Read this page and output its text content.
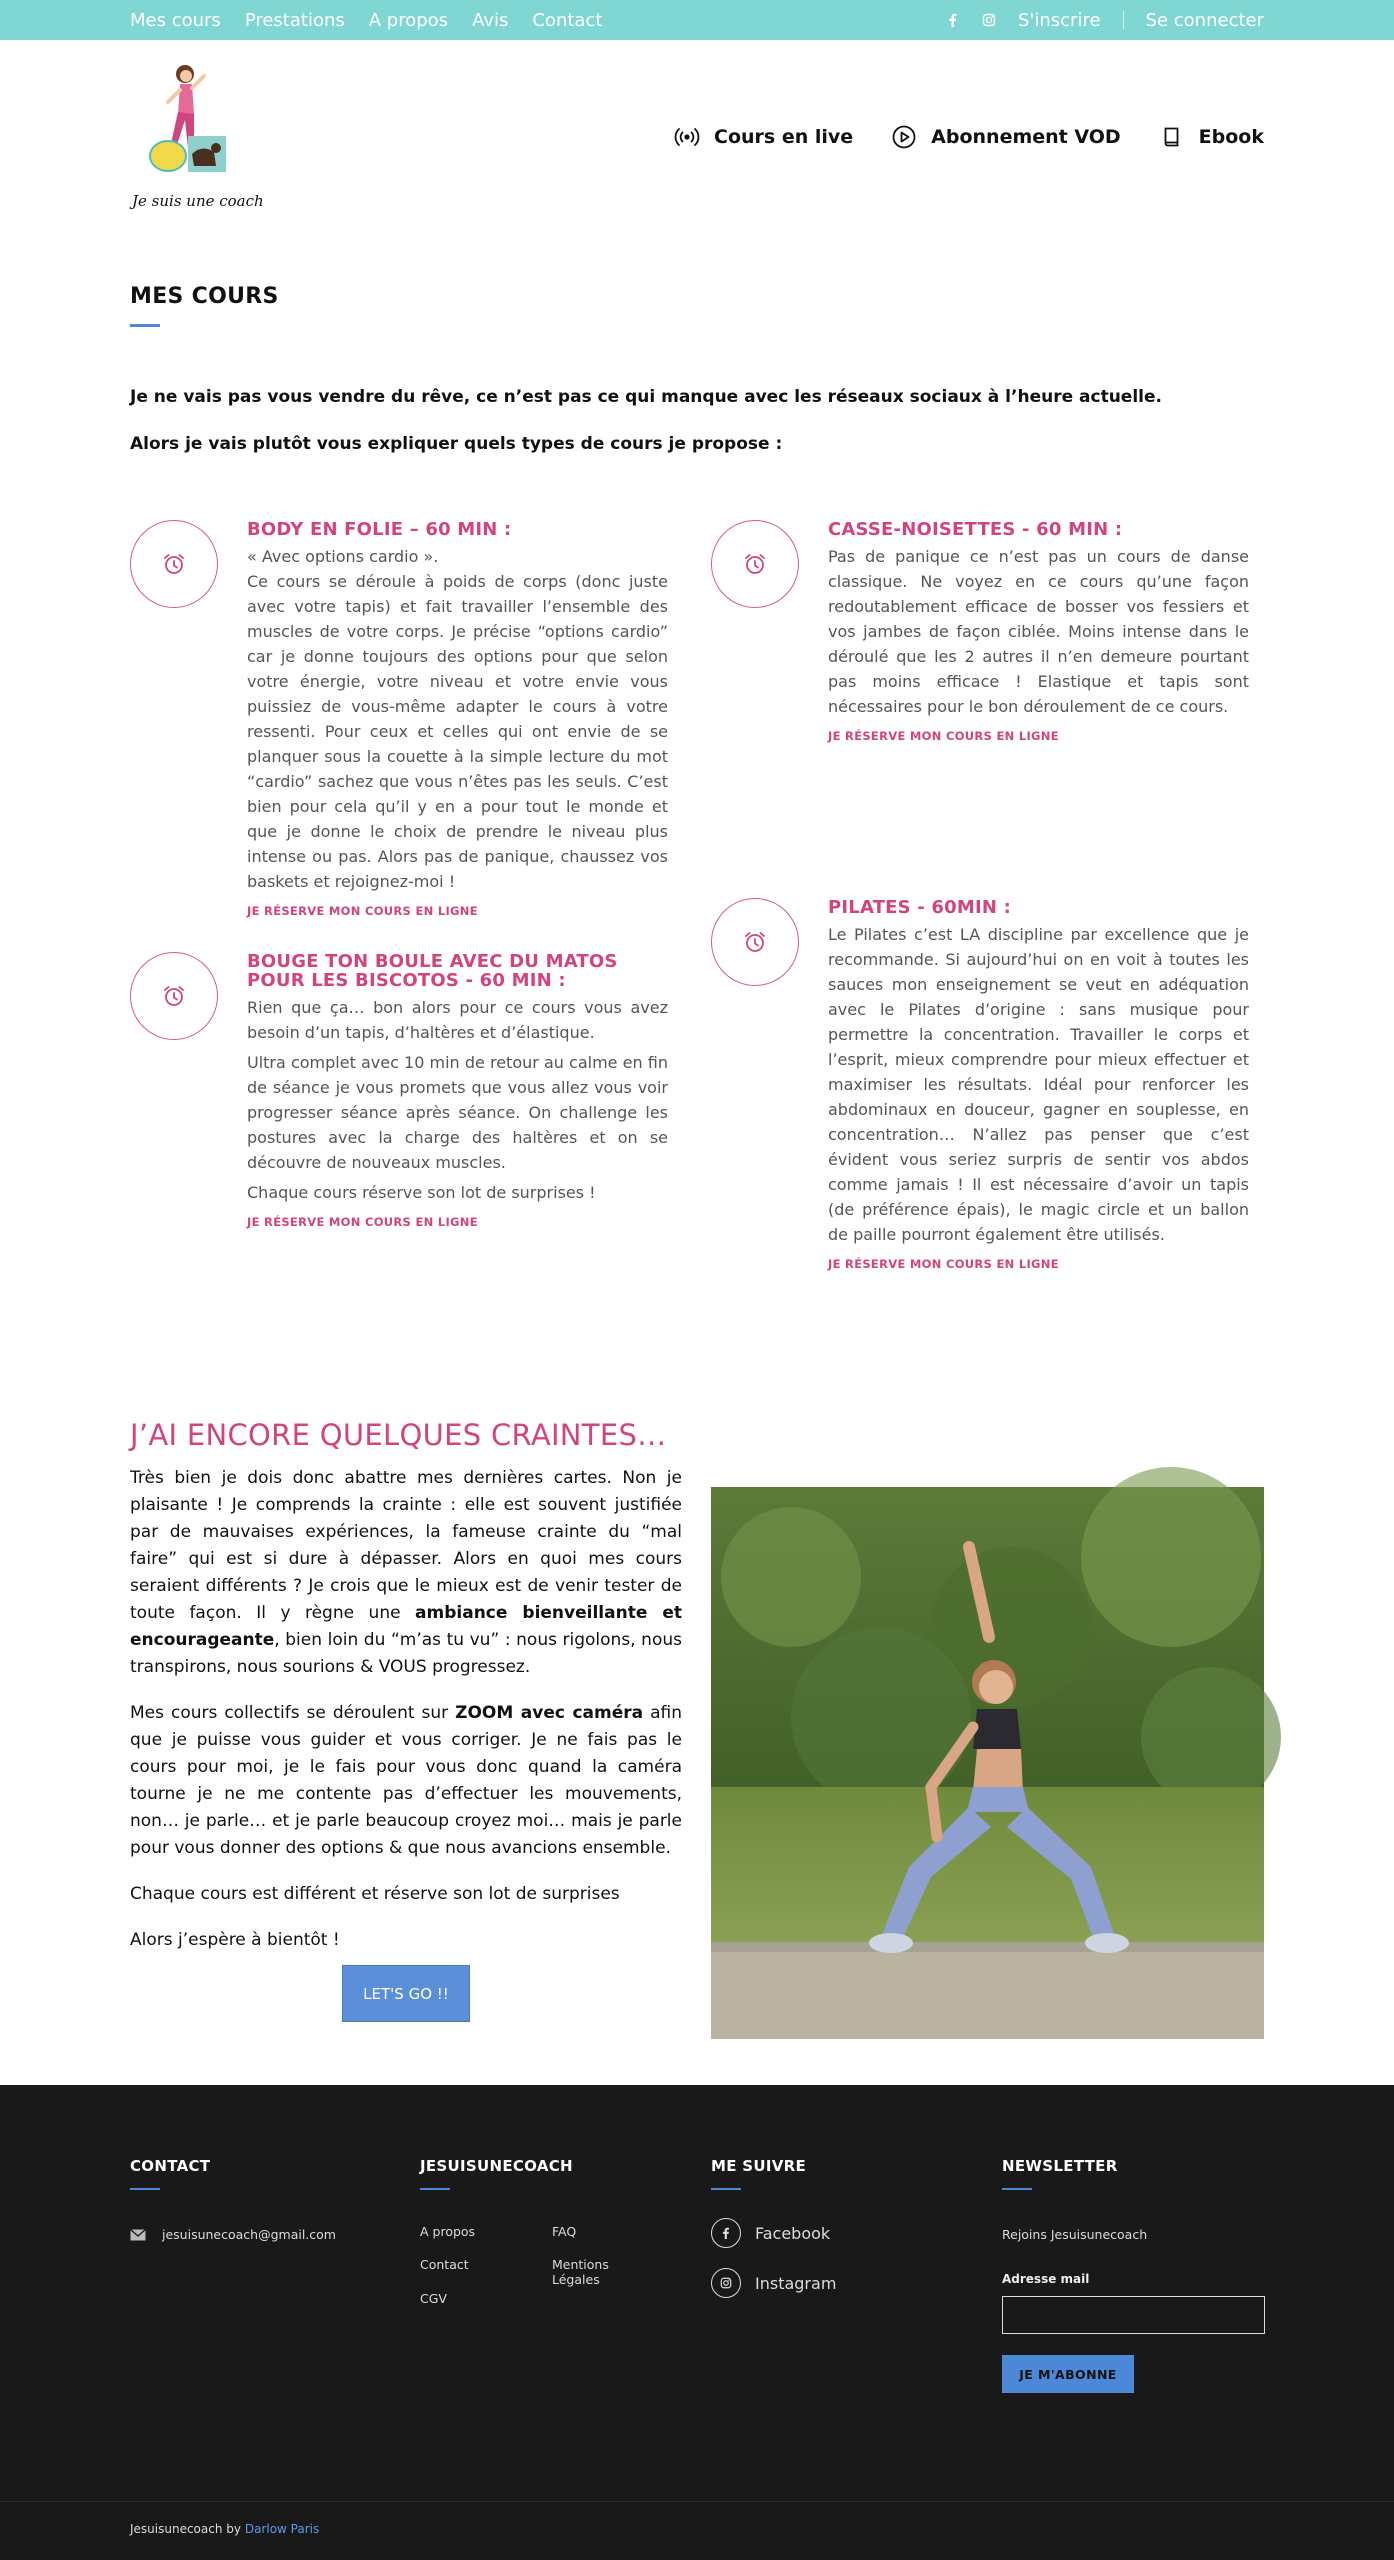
Mes cours Prestations A propos Avis Contact	S'inscrire	Se connecter
Je suis une coach
Cours en live	Abonnement VOD	Ebook
MES COURS
Je ne vais pas vous vendre du rêve, ce n’est pas ce qui manque avec les réseaux sociaux à l’heure actuelle.
Alors je vais plutôt vous expliquer quels types de cours je propose :
BODY EN FOLIE – 60 MIN :

« Avec options cardio ».
Ce cours se déroule à poids de corps (donc juste avec votre tapis) et fait travailler l’ensemble des muscles de votre corps. Je précise “options cardio” car je donne toujours des options pour que selon votre énergie, votre niveau et votre envie vous puissiez de vous-même adapter le cours à votre ressenti. Pour ceux et celles qui ont envie de se planquer sous la couette à la simple lecture du mot “cardio” sachez que vous n’êtes pas les seuls. C’est bien pour cela qu’il y en a pour tout le monde et que je donne le choix de prendre le niveau plus intense ou pas. Alors pas de panique, chaussez vos baskets et rejoignez-moi !

JE RÉSERVE MON COURS EN LIGNE
CASSE-NOISETTES - 60 MIN :

Pas de panique ce n’est pas un cours de danse classique. Ne voyez en ce cours qu’une façon redoutablement efficace de bosser vos fessiers et vos jambes de façon ciblée. Moins intense dans le déroulé que les 2 autres il n’en demeure pourtant pas moins efficace ! Elastique et tapis sont nécessaires pour le bon déroulement de ce cours.

JE RÉSERVE MON COURS EN LIGNE
BOUGE TON BOULE AVEC DU MATOS POUR LES BISCOTOS - 60 MIN :

Rien que ça… bon alors pour ce cours vous avez besoin d’un tapis, d’haltères et d’élastique.

Ultra complet avec 10 min de retour au calme en fin de séance je vous promets que vous allez vous voir progresser séance après séance. On challenge les postures avec la charge des haltères et on se découvre de nouveaux muscles.

Chaque cours réserve son lot de surprises !

JE RÉSERVE MON COURS EN LIGNE
PILATES - 60MIN :

Le Pilates c’est LA discipline par excellence que je recommande. Si aujourd’hui on en voit à toutes les sauces mon enseignement se veut en adéquation avec le Pilates d’origine : sans musique pour permettre la concentration. Travailler le corps et l’esprit, mieux comprendre pour mieux effectuer et maximiser les résultats. Idéal pour renforcer les abdominaux en douceur, gagner en souplesse, en concentration… N’allez pas penser que c’est évident vous seriez surpris de sentir vos abdos comme jamais ! Il est nécessaire d’avoir un tapis (de préférence épais), le magic circle et un ballon de paille pourront également être utilisés.

JE RÉSERVE MON COURS EN LIGNE
J’AI ENCORE QUELQUES CRAINTES…

Très bien je dois donc abattre mes dernières cartes. Non je plaisante ! Je comprends la crainte : elle est souvent justifiée par de mauvaises expériences, la fameuse crainte du “mal faire” qui est si dure à dépasser. Alors en quoi mes cours seraient différents ? Je crois que le mieux est de venir tester de toute façon. Il y règne une ambiance bienveillante et encourageante, bien loin du “m’as tu vu” : nous rigolons, nous transpirons, nous sourions & VOUS progressez.

Mes cours collectifs se déroulent sur ZOOM avec caméra afin que je puisse vous guider et vous corriger. Je ne fais pas le cours pour moi, je le fais pour vous donc quand la caméra tourne je ne me contente pas d’effectuer les mouvements, non… je parle… et je parle beaucoup croyez moi… mais je parle pour vous donner des options & que nous avancions ensemble.

Chaque cours est différent et réserve son lot de surprises

Alors j’espère à bientôt !

LET'S GO !!
CONTACT
jesuisunecoach@gmail.com
JESUISUNECOACH
A propos
Contact
CGV
FAQ
Mentions Légales
ME SUIVRE
Facebook
Instagram
NEWSLETTER
Rejoins Jesuisunecoach
Adresse mail
JE M'ABONNE
Jesuisunecoach by Darlow Paris
